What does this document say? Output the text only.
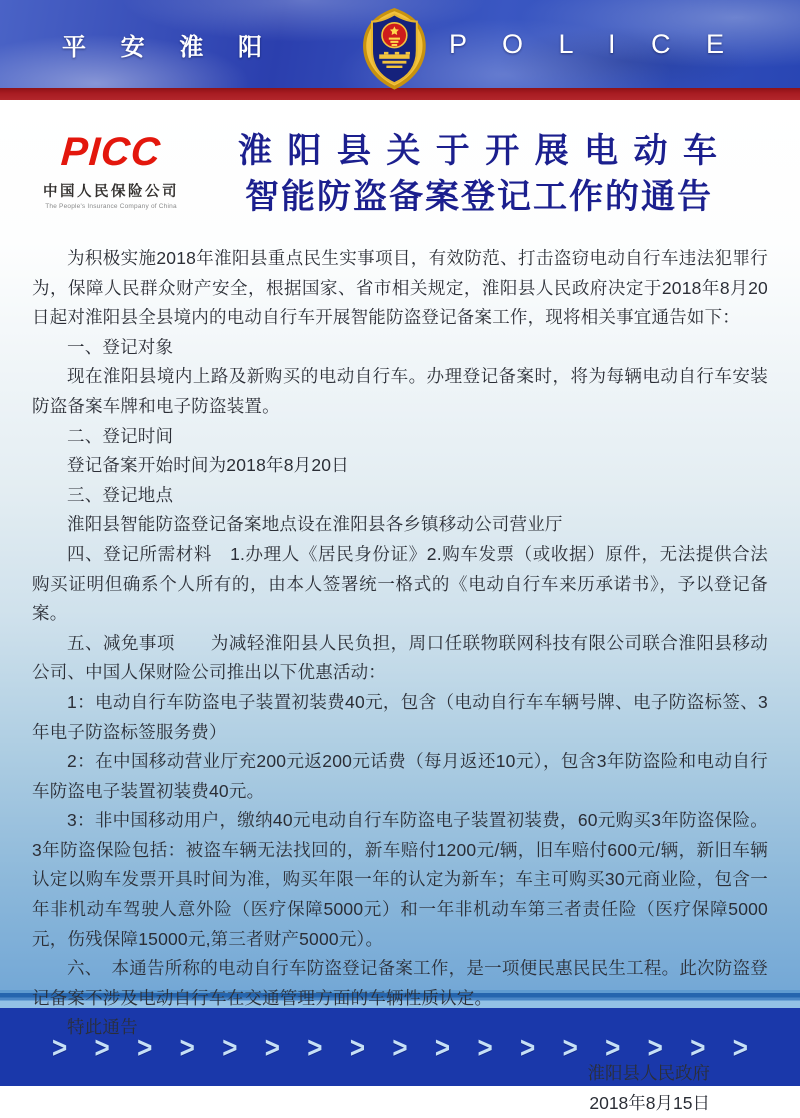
平 安 淮 阳	P O L I C E
PICC
中国人民保险公司
The People's Insurance Company of China
淮 阳 县 关 于 开 展 电 动 车
智能防盗备案登记工作的通告

为积极实施2018年淮阳县重点民生实事项目，有效防范、打击盗窃电动自行车违法犯罪行为，保障人民群众财产安全，根据国家、省市相关规定，淮阳县人民政府决定于2018年8月20日起对淮阳县全县境内的电动自行车开展智能防盗登记备案工作，现将相关事宜通告如下：

一、登记对象

现在淮阳县境内上路及新购买的电动自行车。办理登记备案时，将为每辆电动自行车安装防盗备案车牌和电子防盗装置。

二、登记时间

登记备案开始时间为2018年8月20日

三、登记地点

淮阳县智能防盗登记备案地点设在淮阳县各乡镇移动公司营业厅

四、登记所需材料　1.办理人《居民身份证》2.购车发票（或收据）原件，无法提供合法购买证明但确系个人所有的，由本人签署统一格式的《电动自行车来历承诺书》，予以登记备案。

五、减免事项　　为减轻淮阳县人民负担，周口任联物联网科技有限公司联合淮阳县移动公司、中国人保财险公司推出以下优惠活动：

1：电动自行车防盗电子装置初装费40元，包含（电动自行车车辆号牌、电子防盗标签、3年电子防盗标签服务费）

2：在中国移动营业厅充200元返200元话费（每月返还10元），包含3年防盗险和电动自行车防盗电子装置初装费40元。

3：非中国移动用户，缴纳40元电动自行车防盗电子装置初装费，60元购买3年防盗保险。3年防盗保险包括：被盗车辆无法找回的，新车赔付1200元/辆，旧车赔付600元/辆，新旧车辆认定以购车发票开具时间为准，购买年限一年的认定为新车；车主可购买30元商业险，包含一年非机动车驾驶人意外险（医疗保障5000元）和一年非机动车第三者责任险（医疗保障5000元，伤残保障15000元,第三者财产5000元）。

六、　本通告所称的电动自行车防盗登记备案工作，是一项便民惠民民生工程。此次防盗登记备案不涉及电动自行车在交通管理方面的车辆性质认定。

特此通告

淮阳县人民政府
2018年8月15日
> > > > > > > > > > > > > > > > >
